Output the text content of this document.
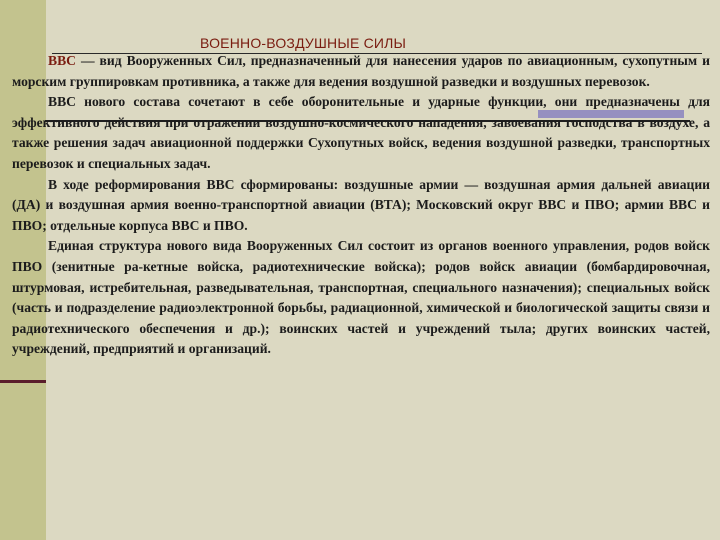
ВОЕННО-ВОЗДУШНЫЕ СИЛЫ

ВВС — вид Вооруженных Сил, предназначенный для нанесения ударов по авиационным, сухопутным и морским группировкам противника, а также для ведения воздушной разведки и воздушных перевозок.

ВВС нового состава сочетают в себе оборонительные и ударные функции, они предназначены для эффективного действия при отражении воздушно-космического нападения, завоевания господства в воздухе, а также решения задач авиационной поддержки Сухопутных войск, ведения воздушной разведки, транспортных перевозок и специальных задач.

В ходе реформирования ВВС сформированы: воздушные армии — воздушная армия дальней авиации (ДА) и воздушная армия военно-транспортной авиации (ВТА); Московский округ ВВС и ПВО; армии ВВС и ПВО; отдельные корпуса ВВС и ПВО.

Единая структура нового вида Вооруженных Сил состоит из органов военного управления, родов войск ПВО (зенитные ра-кетные войска, радиотехнические войска); родов войск авиации (бомбардировочная, штурмовая, истребительная, разведывательная, транспортная, специального назначения); специальных войск (часть и подразделение радиоэлектронной борьбы, радиационной, химической и биологической защиты связи и радиотехнического обеспечения и др.); воинских частей и учреждений тыла; других воинских частей, учреждений, предприятий и организаций.
